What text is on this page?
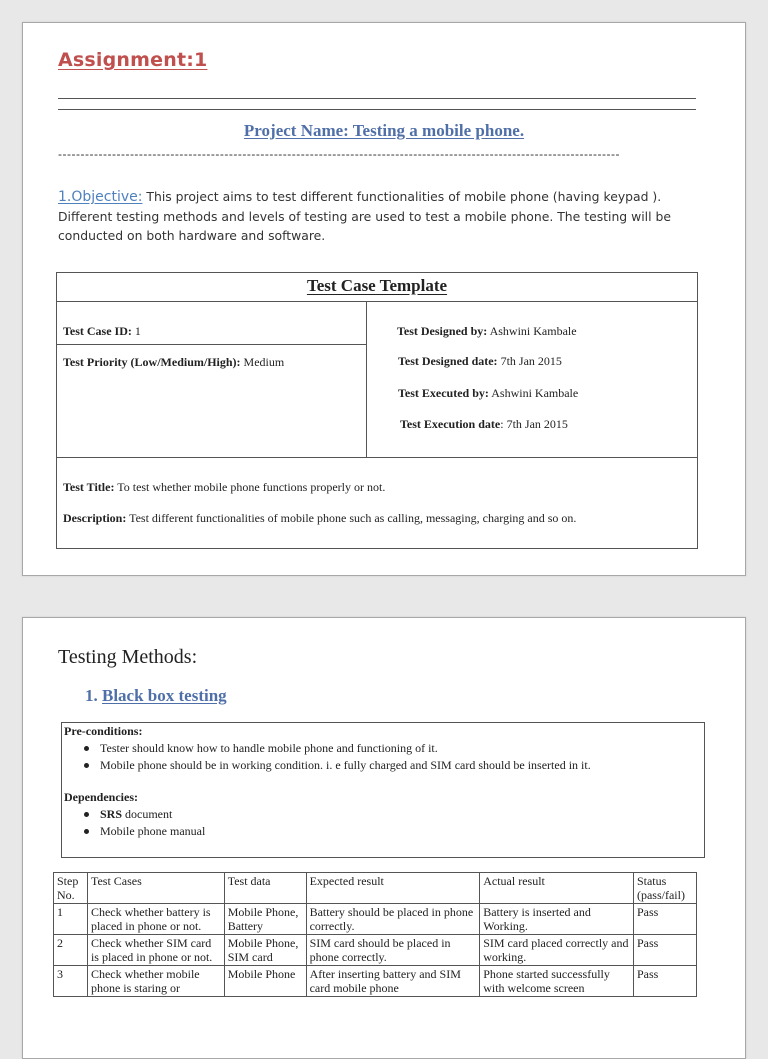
Assignment:1
Project Name: Testing a mobile phone.
-----------------------------------------------------------------------------------------------------------------------------
1.Objective: This project aims to test different functionalities of mobile phone (having keypad ). Different testing methods and levels of testing are used to test a mobile phone. The testing will be conducted on both hardware and software.
Test Case Template
Test Case ID: 1
Test Priority (Low/Medium/High): Medium
Test Designed by: Ashwini Kambale
Test Designed date: 7th Jan 2015
Test Executed by: Ashwini Kambale
Test Execution date: 7th Jan 2015
Test Title: To test whether mobile phone functions properly or not.
Description: Test different functionalities of mobile phone such as calling, messaging, charging and so on.
Testing Methods:
1. Black box testing
Pre-conditions:
Tester should know how to handle mobile phone and functioning of it.
Mobile phone should be in working condition. i. e fully charged and SIM card should be inserted in it.
Dependencies:
SRS document
Mobile phone manual
Step No.	Test Cases	Test data	Expected result	Actual result	Status (pass/fail)
1	Check whether battery is placed in phone or not.	Mobile Phone, Battery	Battery should be placed in phone correctly.	Battery is inserted and Working.	Pass
2	Check whether SIM card is placed in phone or not.	Mobile Phone, SIM card	SIM card should be placed in phone correctly.	SIM card placed correctly and working.	Pass
3	Check whether mobile phone is staring or	Mobile Phone	After inserting battery and SIM card mobile phone	Phone started successfully with welcome screen	Pass
